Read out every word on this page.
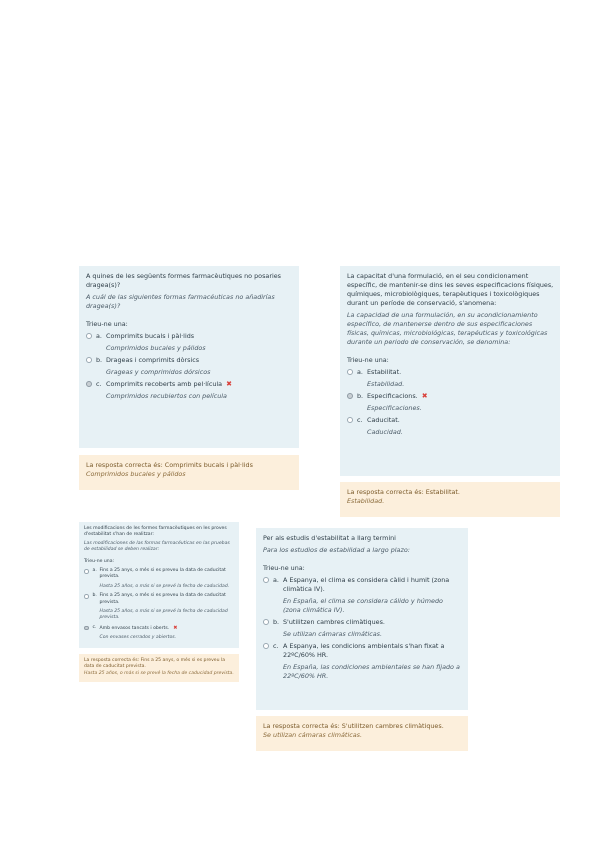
A quines de les següents formes farmacèutiques no posaries dragea(s)?
A cuál de las siguientes formas farmacéuticas no añadirías dragea(s)?
Trieu-ne una:
a. Comprimits bucals i pàl·lids
Comprimidos bucales y pálidos
b. Drageas i comprimits dòrsics
Grageas y comprimidos dórsicos
c. Comprimits recoberts amb pel·lícula ✖
Comprimidos recubiertos con película
La resposta correcta és: Comprimits bucals i pàl·lids
Comprimidos bucales y pálidos
La capacitat d'una formulació, en el seu condicionament específic, de mantenir-se dins les seves especificacions físiques, químiques, microbiològiques, terapèutiques i toxicològiques durant un període de conservació, s'anomena:
La capacidad de una formulación, en su acondicionamiento específico, de mantenerse dentro de sus especificaciones físicas, químicas, microbiológicas, terapéuticas y toxicológicas durante un periodo de conservación, se denomina:
Trieu-ne una:
a. Estabilitat.
Estabilidad.
b. Especificacions. ✖
Especificaciones.
c. Caducitat.
Caducidad.
La resposta correcta és: Estabilitat.
Estabilidad.
Les modificacions de les formes farmacèutiques en les proves d'estabilitat s'han de realitzar:
Las modificaciones de las formas farmacéuticas en las pruebas de estabilidad se deben realizar:
Trieu-ne una:
a. Fins a 25 anys, o més si es preveu la data de caducitat prevista.
Hasta 25 años, o más si se prevé la fecha de caducidad.
b. Fins a 25 anys, o més si es preveu la data de caducitat prevista.
Hasta 25 años, o más si se prevé la fecha de caducidad prevista.
c. Amb envasos tancats i oberts. ✖
Con envases cerrados y abiertos.
La resposta correcta és: Fins a 25 anys, o més si es preveu la data de caducitat prevista.
Hasta 25 años, o más si se prevé la fecha de caducidad prevista.
Per als estudis d'estabilitat a llarg termini
Para los estudios de estabilidad a largo plazo:
Trieu-ne una:
a. A Espanya, el clima es considera càlid i humit (zona climàtica IV).
En España, el clima se considera cálido y húmedo (zona climática IV).
b. S'utilitzen cambres climàtiques.
Se utilizan cámaras climáticas.
c. A Espanya, les condicions ambientals s'han fixat a 22ºC/60% HR.
En España, las condiciones ambientales se han fijado a 22ºC/60% HR.
La resposta correcta és: S'utilitzen cambres climàtiques.
Se utilizan cámaras climáticas.
